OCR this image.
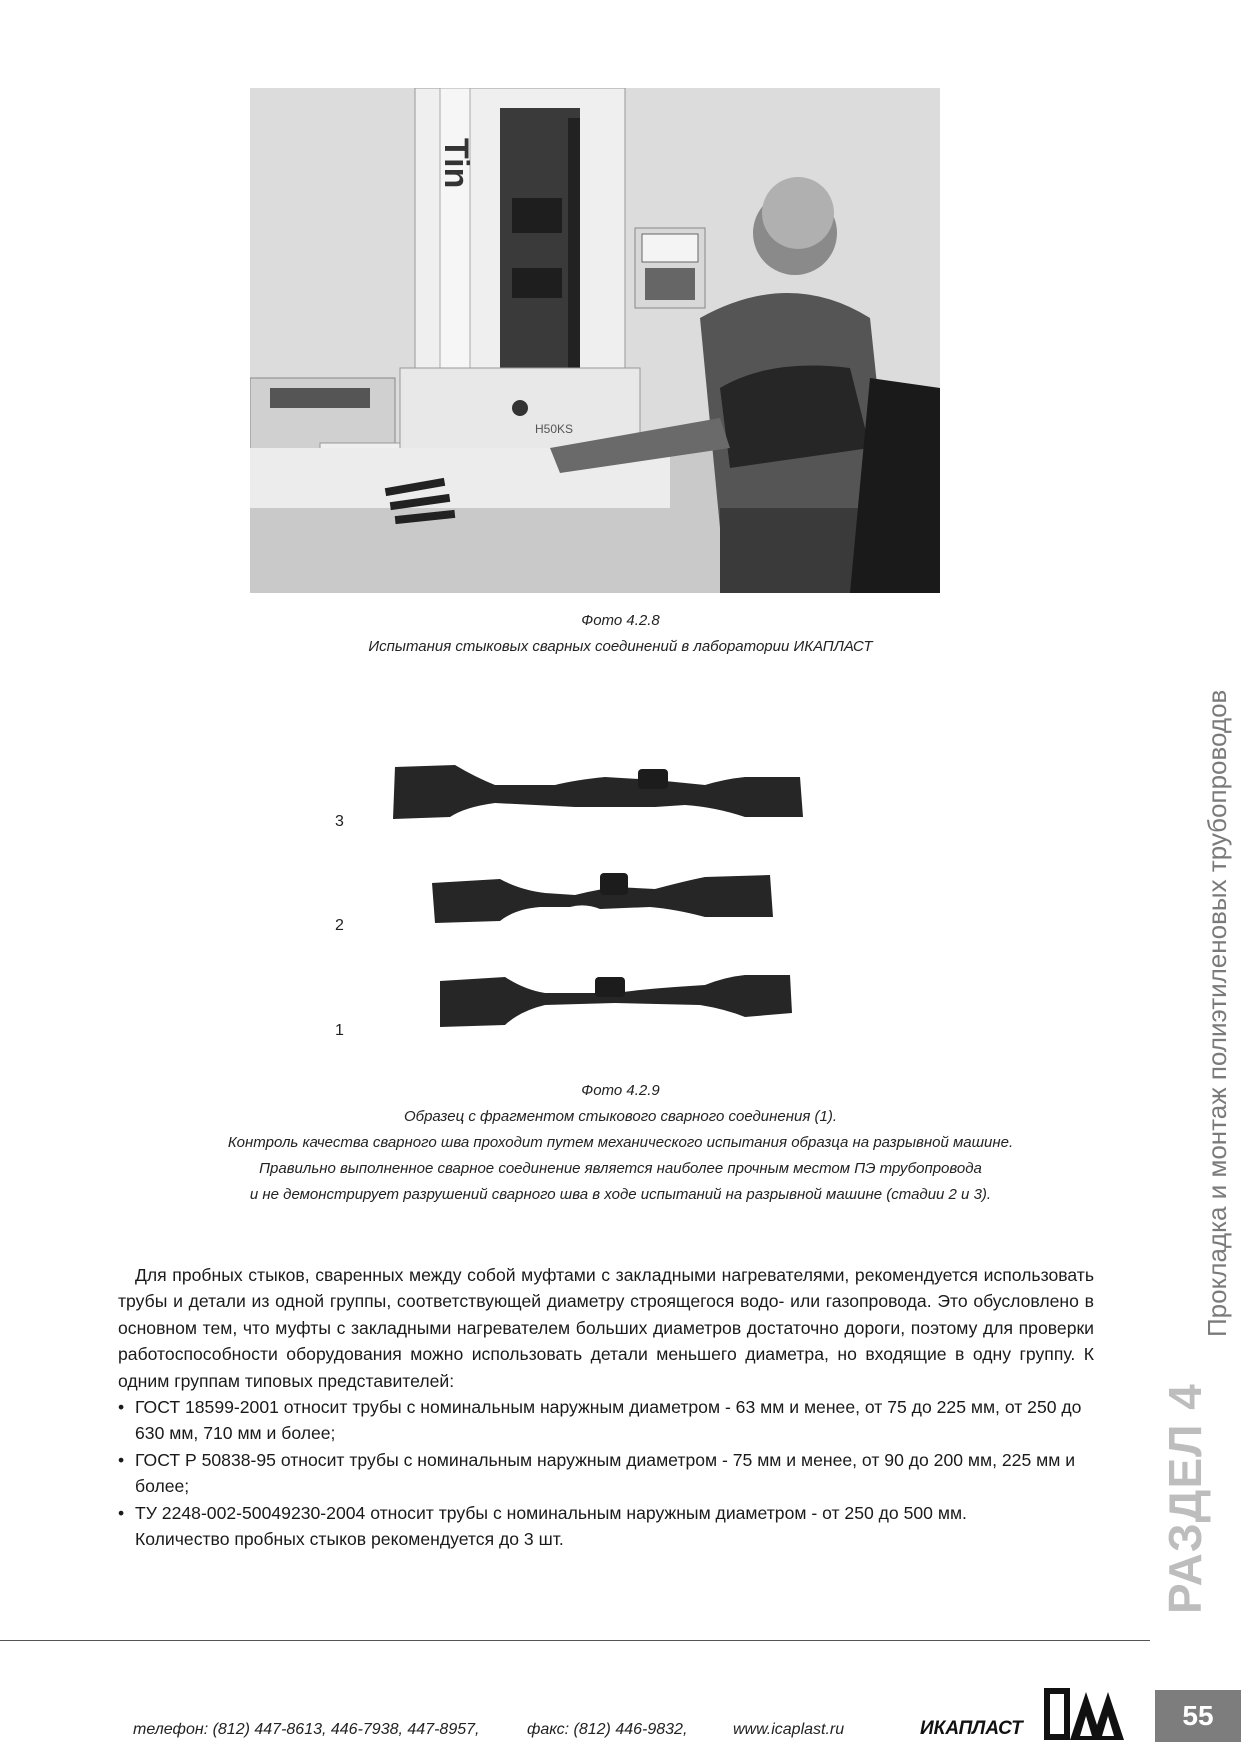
H50KS
Tin
Фото 4.2.8
Испытания стыковых сварных соединений в лаборатории ИКАПЛАСТ
3
2
1
Фото 4.2.9
Образец с фрагментом стыкового сварного соединения (1).
Контроль качества сварного шва проходит путем механического испытания образца на разрывной машине.
Правильно выполненное сварное соединение является наиболее прочным местом ПЭ трубопровода
и не демонстрирует разрушений сварного шва в ходе испытаний на разрывной машине (стадии 2 и 3).

Для пробных стыков, сваренных между собой муфтами с закладными нагревателями, рекомендуется использовать трубы и детали из одной группы, соответствующей диаметру строящегося водо- или газопровода. Это обусловлено в основном тем, что муфты с закладными нагревателем больших диаметров достаточно дороги, поэтому для проверки работоспособности оборудования можно использовать детали меньшего диаметра, но входящие в одну группу. К одним группам типовых представителей:

• ГОСТ 18599-2001 относит трубы с номинальным наружным диаметром - 63 мм и менее, от 75 до 225 мм, от 250 до 630 мм, 710 мм и более;
• ГОСТ Р 50838-95 относит трубы с номинальным наружным диаметром - 75 мм и менее, от 90 до 200 мм, 225 мм и более;
• ТУ 2248-002-50049230-2004 относит трубы с номинальным наружным диаметром - от 250 до 500 мм.
Количество пробных стыков рекомендуется до 3 шт.	РАЗДЕЛ 4
Прокладка и монтаж полиэтиленовых трубопроводов
телефон: (812) 447-8613, 446-7938, 447-8957,	факс: (812) 446-9832,	www.icaplast.ru	ИКАПЛАСТ	55
